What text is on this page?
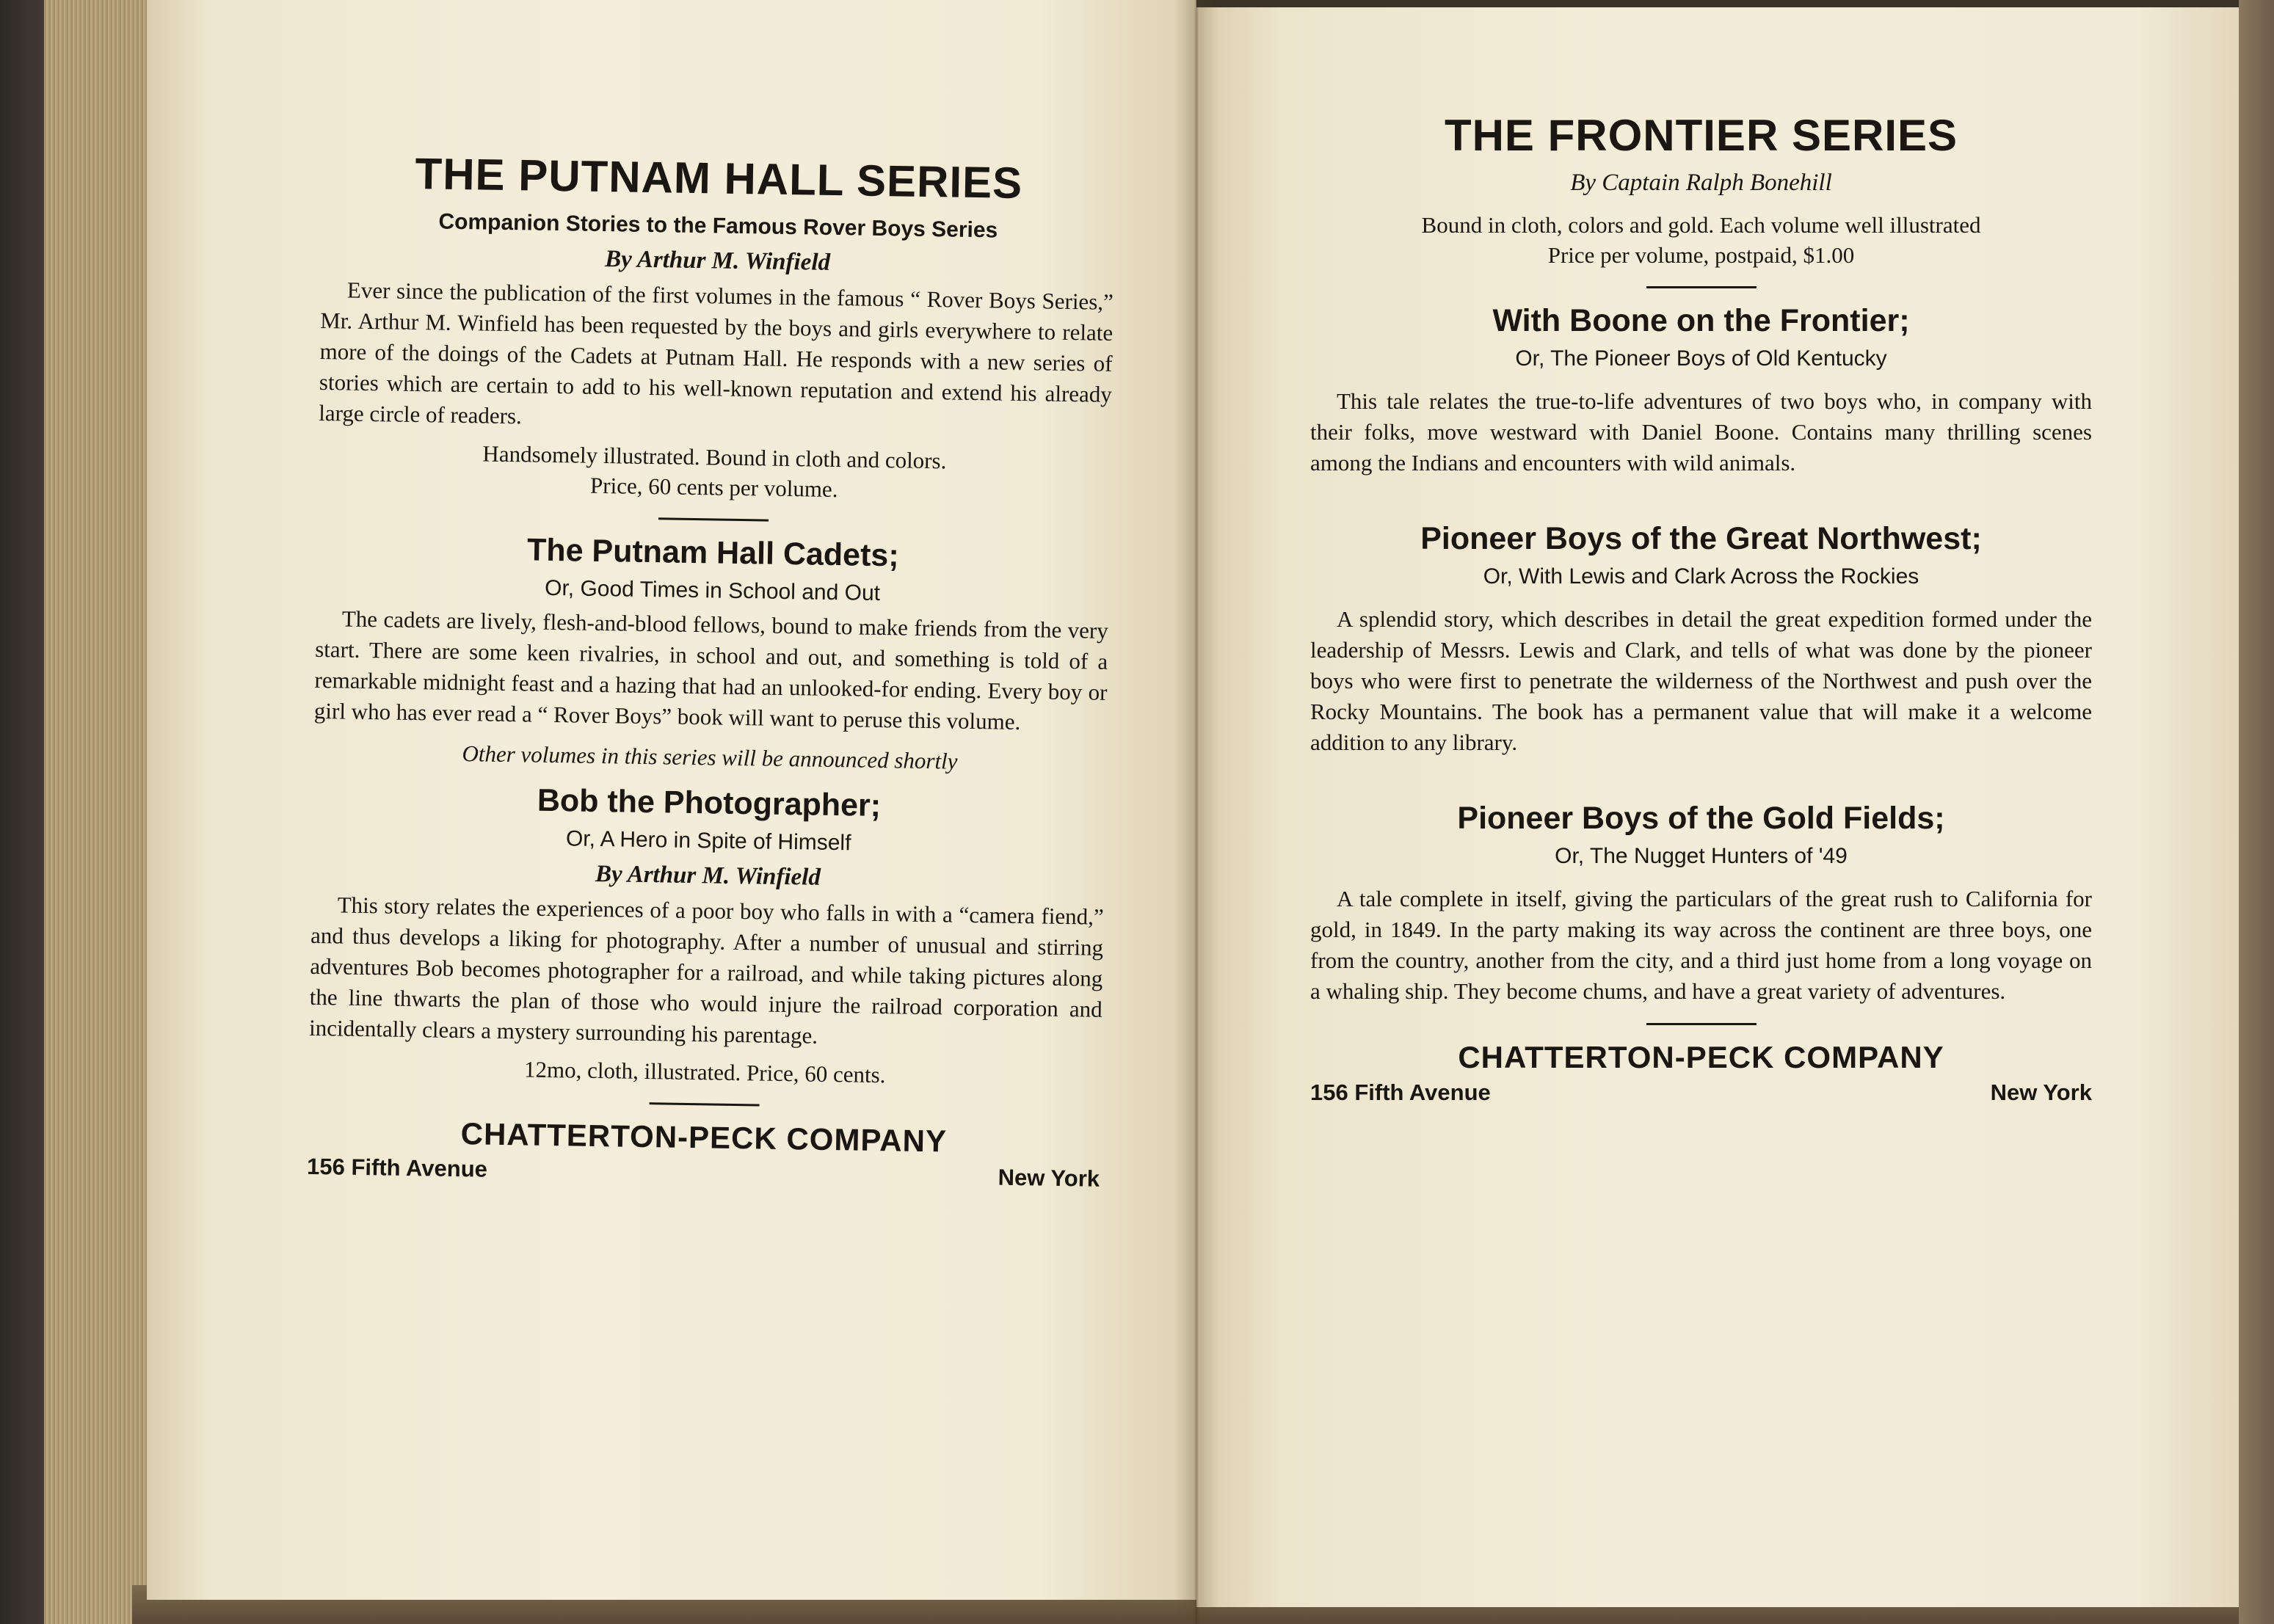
THE PUTNAM HALL SERIES

Companion Stories to the Famous Rover Boys Series

By Arthur M. Winfield

Ever since the publication of the first volumes in the famous “ Rover Boys Series,” Mr. Arthur M. Winfield has been requested by the boys and girls everywhere to relate more of the doings of the Cadets at Putnam Hall. He responds with a new series of stories which are certain to add to his well-known reputation and extend his already large circle of readers.

Handsomely illustrated. Bound in cloth and colors.

Price, 60 cents per volume.

The Putnam Hall Cadets;

Or, Good Times in School and Out

The cadets are lively, flesh-and-blood fellows, bound to make friends from the very start. There are some keen rivalries, in school and out, and something is told of a remarkable midnight feast and a hazing that had an unlooked-for ending. Every boy or girl who has ever read a “ Rover Boys” book will want to peruse this volume.

Other volumes in this series will be announced shortly

Bob the Photographer;

Or, A Hero in Spite of Himself

By Arthur M. Winfield

This story relates the experiences of a poor boy who falls in with a “camera fiend,” and thus develops a liking for photography. After a number of unusual and stirring adventures Bob becomes photographer for a railroad, and while taking pictures along the line thwarts the plan of those who would injure the railroad corporation and incidentally clears a mystery surrounding his parentage.

12mo, cloth, illustrated. Price, 60 cents.

CHATTERTON-PECK COMPANY

156 Fifth Avenue	New York
THE FRONTIER SERIES

By Captain Ralph Bonehill

Bound in cloth, colors and gold. Each volume well illustrated

Price per volume, postpaid, $1.00

With Boone on the Frontier;

Or, The Pioneer Boys of Old Kentucky

This tale relates the true-to-life adventures of two boys who, in company with their folks, move westward with Daniel Boone. Contains many thrilling scenes among the Indians and encounters with wild animals.

Pioneer Boys of the Great Northwest;

Or, With Lewis and Clark Across the Rockies

A splendid story, which describes in detail the great expedition formed under the leadership of Messrs. Lewis and Clark, and tells of what was done by the pioneer boys who were first to penetrate the wilderness of the Northwest and push over the Rocky Mountains. The book has a permanent value that will make it a welcome addition to any library.

Pioneer Boys of the Gold Fields;

Or, The Nugget Hunters of '49

A tale complete in itself, giving the particulars of the great rush to California for gold, in 1849. In the party making its way across the continent are three boys, one from the country, another from the city, and a third just home from a long voyage on a whaling ship. They become chums, and have a great variety of adventures.

CHATTERTON-PECK COMPANY

156 Fifth Avenue	New York
